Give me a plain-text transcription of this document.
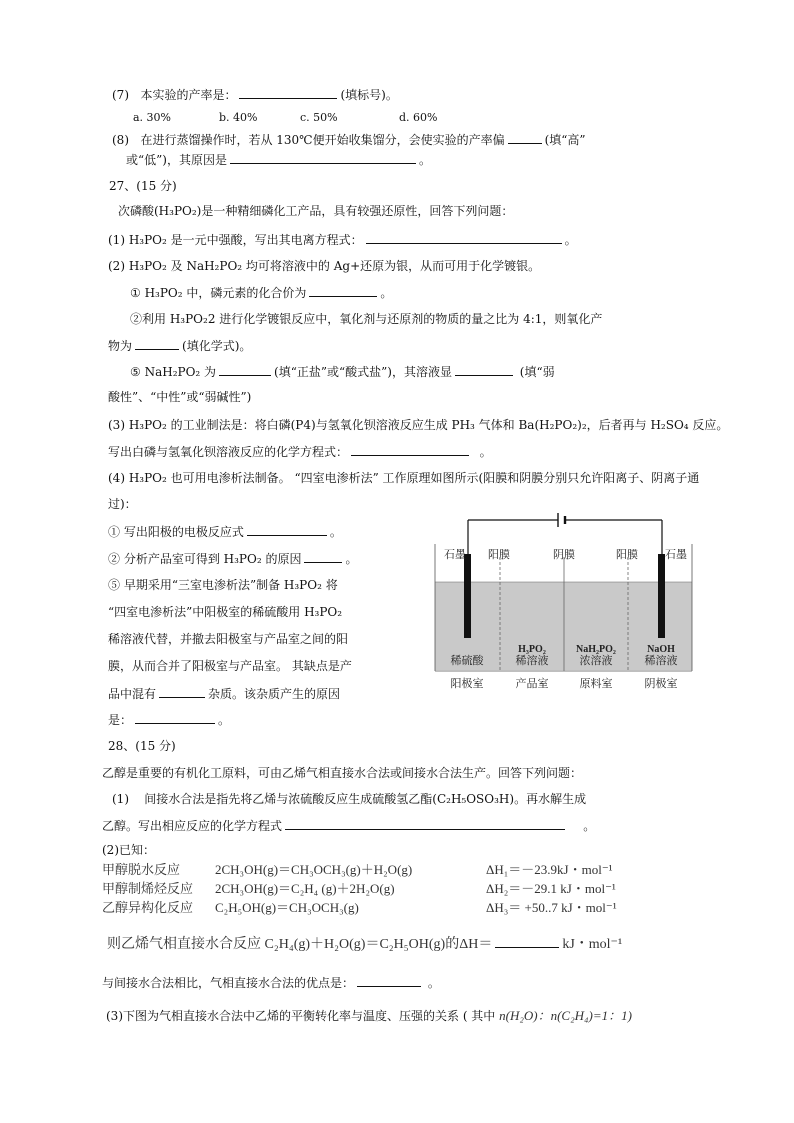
(7) 本实验的产率是：	(填标号)。
a. 30%	b. 40%	c. 50%	d. 60%
(8) 在进行蒸馏操作时，若从 130℃便开始收集馏分，会使实验的产率偏	(填“高”
或“低”)，其原因是	。
27、(15 分)
次磷酸(H₃PO₂)是一种精细磷化工产品，具有较强还原性，回答下列问题：
(1) H₃PO₂ 是一元中强酸，写出其电离方程式：	。
(2) H₃PO₂ 及 NaH₂PO₂ 均可将溶液中的 Ag+还原为银，从而可用于化学镀银。
① H₃PO₂ 中，磷元素的化合价为	。
②利用 H₃PO₂2 进行化学镀银反应中，氧化剂与还原剂的物质的量之比为 4:1，则氧化产
物为	(填化学式)。
⑤ NaH₂PO₂ 为	(填“正盐”或“酸式盐”)，其溶液显	(填“弱
酸性”、“中性”或“弱碱性”)
(3) H₃PO₂ 的工业制法是：将白磷(P4)与氢氧化钡溶液反应生成 PH₃ 气体和 Ba(H₂PO₂)₂，后者再与 H₂SO₄ 反应。
写出白磷与氢氧化钡溶液反应的化学方程式：	。
(4) H₃PO₂ 也可用电渗析法制备。 “四室电渗析法” 工作原理如图所示(阳膜和阴膜分别只允许阳离子、阴离子通
过)：
① 写出阳极的电极反应式	。
② 分析产品室可得到 H₃PO₂ 的原因	。
⑤ 早期采用“三室电渗析法”制备 H₃PO₂ 将
“四室电渗析法”中阳极室的稀硫酸用 H₃PO₂
稀溶液代替，并撤去阳极室与产品室之间的阳
膜，从而合并了阳极室与产品室。 其缺点是产
品中混有	杂质。该杂质产生的原因
是：	。
石墨 阳膜	阴膜	阳膜 石墨
稀硫酸
H₃PO₂
稀溶液
NaH₂PO₂
浓溶液
NaOH
稀溶液
阳极室	产品室	原料室	阴极室
28、(15 分)
乙醇是重要的有机化工原料，可由乙烯气相直接水合法或间接水合法生产。回答下列问题：
(1) 间接水合法是指先将乙烯与浓硫酸反应生成硫酸氢乙酯(C₂H₅OSO₃H)。再水解生成
乙醇。写出相应反应的化学方程式	。
(2)已知：
甲醇脱水反应	2CH₃OH(g)＝CH₃OCH₃(g)＋H₂O(g)	ΔH₁＝－23.9kJ・mol⁻¹
甲醇制烯烃反应 2CH₃OH(g)＝C₂H₄ (g)＋2H₂O(g)	ΔH₂＝－29.1 kJ・mol⁻¹
乙醇异构化反应 C₂H₅OH(g)＝CH₃OCH₃(g)	ΔH₃＝ +50..7 kJ・mol⁻¹
则乙烯气相直接水合反应 C₂H₄(g)＋H₂O(g)＝C₂H₅OH(g)的ΔH＝	kJ・mol⁻¹
与间接水合法相比，气相直接水合法的优点是：	。
(3)下图为气相直接水合法中乙烯的平衡转化率与温度、压强的关系 ( 其中 n(H₂O)：n(C₂H₄)=1：1)
